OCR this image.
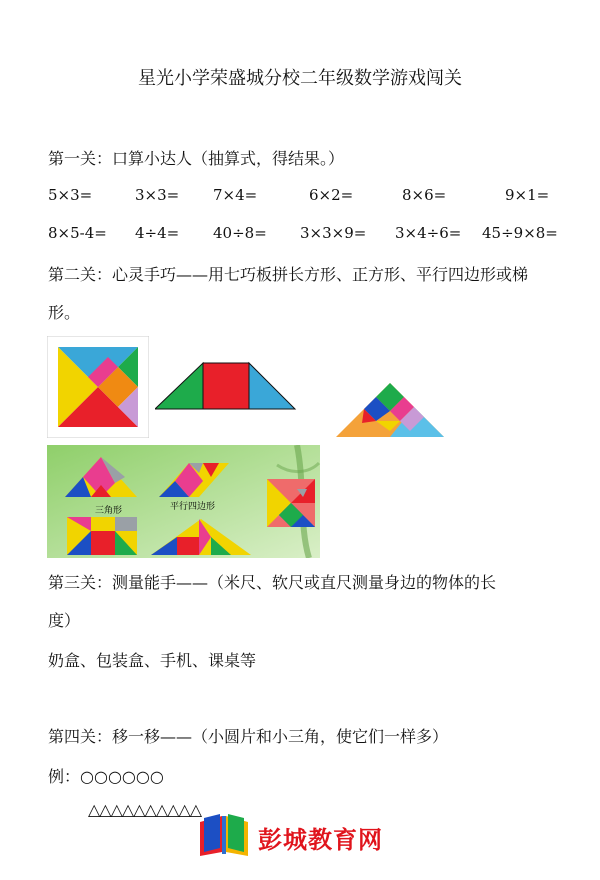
星光小学荣盛城分校二年级数学游戏闯关
第一关：口算小达人（抽算式，得结果。）
5×3=	3×3= 7×4=	6×2=	8×6=	9×1=
8×5-4= 4÷4= 40÷8= 3×3×9= 3×4÷6= 45÷9×8=
第二关：心灵手巧——用七巧板拼长方形、正方形、平行四边形或梯
形。
三角形	平行四边形
第三关：测量能手——（米尺、软尺或直尺测量身边的物体的长
度）
奶盒、包装盒、手机、课桌等
第四关：移一移——（小圆片和小三角，使它们一样多）
例：○○○○○○
△△△△△△△△△△
彭城教育网
